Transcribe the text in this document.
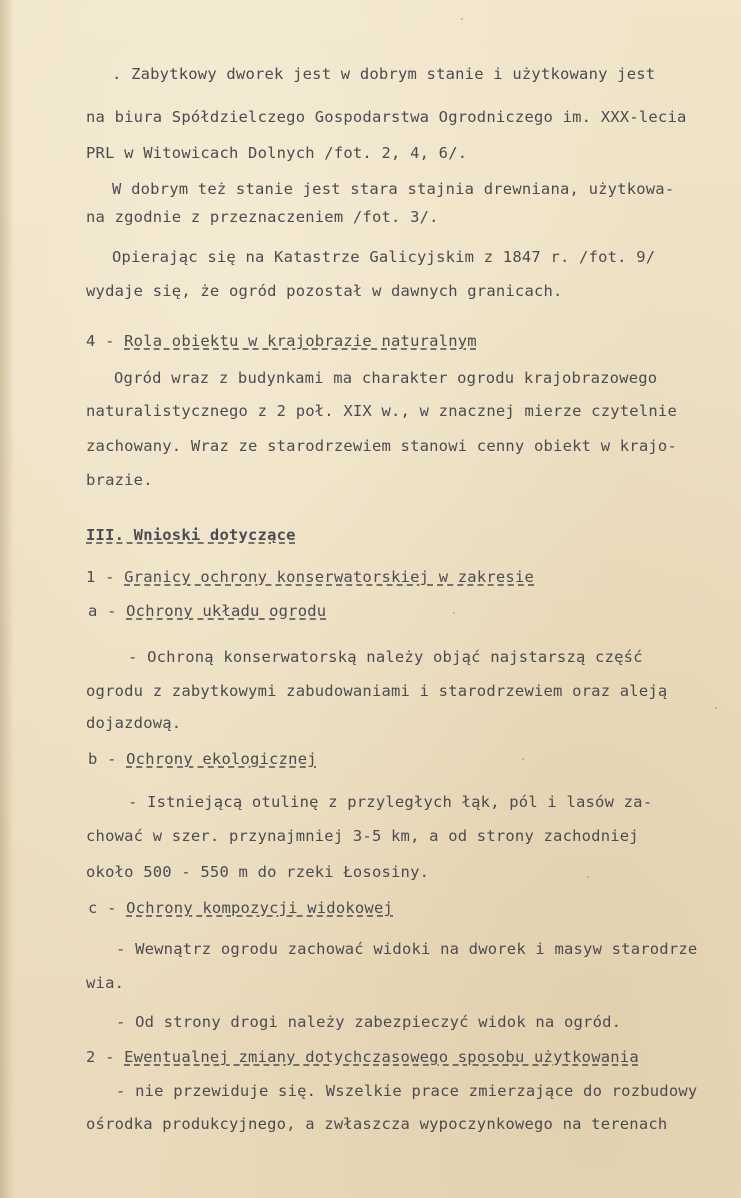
. Zabytkowy dworek jest w dobrym stanie i użytkowany jest
na biura Spółdzielczego Gospodarstwa Ogrodniczego im. XXX-lecia
PRL w Witowicach Dolnych /fot. 2, 4, 6/.
W dobrym też stanie jest stara stajnia drewniana, użytkowa-
na zgodnie z przeznaczeniem /fot. 3/.
Opierając się na Katastrze Galicyjskim z 1847 r. /fot. 9/
wydaje się, że ogród pozostał w dawnych granicach.
4 - Rola obiektu w krajobrazie naturalnym
Ogród wraz z budynkami ma charakter ogrodu krajobrazowego
naturalistycznego z 2 poł. XIX w., w znacznej mierze czytelnie
zachowany. Wraz ze starodrzewiem stanowi cenny obiekt w krajo-
brazie.
III. Wnioski dotyczące
1 - Granicy ochrony konserwatorskiej w zakresie
a - Ochrony układu ogrodu
- Ochroną konserwatorską należy objąć najstarszą część
ogrodu z zabytkowymi zabudowaniami i starodrzewiem oraz aleją
dojazdową.
b - Ochrony ekologicznej
- Istniejącą otulinę z przyległych łąk, pól i lasów za-
chować w szer. przynajmniej 3-5 km, a od strony zachodniej
około 500 - 550 m do rzeki Łososiny.
c - Ochrony kompozycji widokowej
- Wewnątrz ogrodu zachować widoki na dworek i masyw starodrze
wia.
- Od strony drogi należy zabezpieczyć widok na ogród.
2 - Ewentualnej zmiany dotychczasowego sposobu użytkowania
- nie przewiduje się. Wszelkie prace zmierzające do rozbudowy
ośrodka produkcyjnego, a zwłaszcza wypoczynkowego na terenach
